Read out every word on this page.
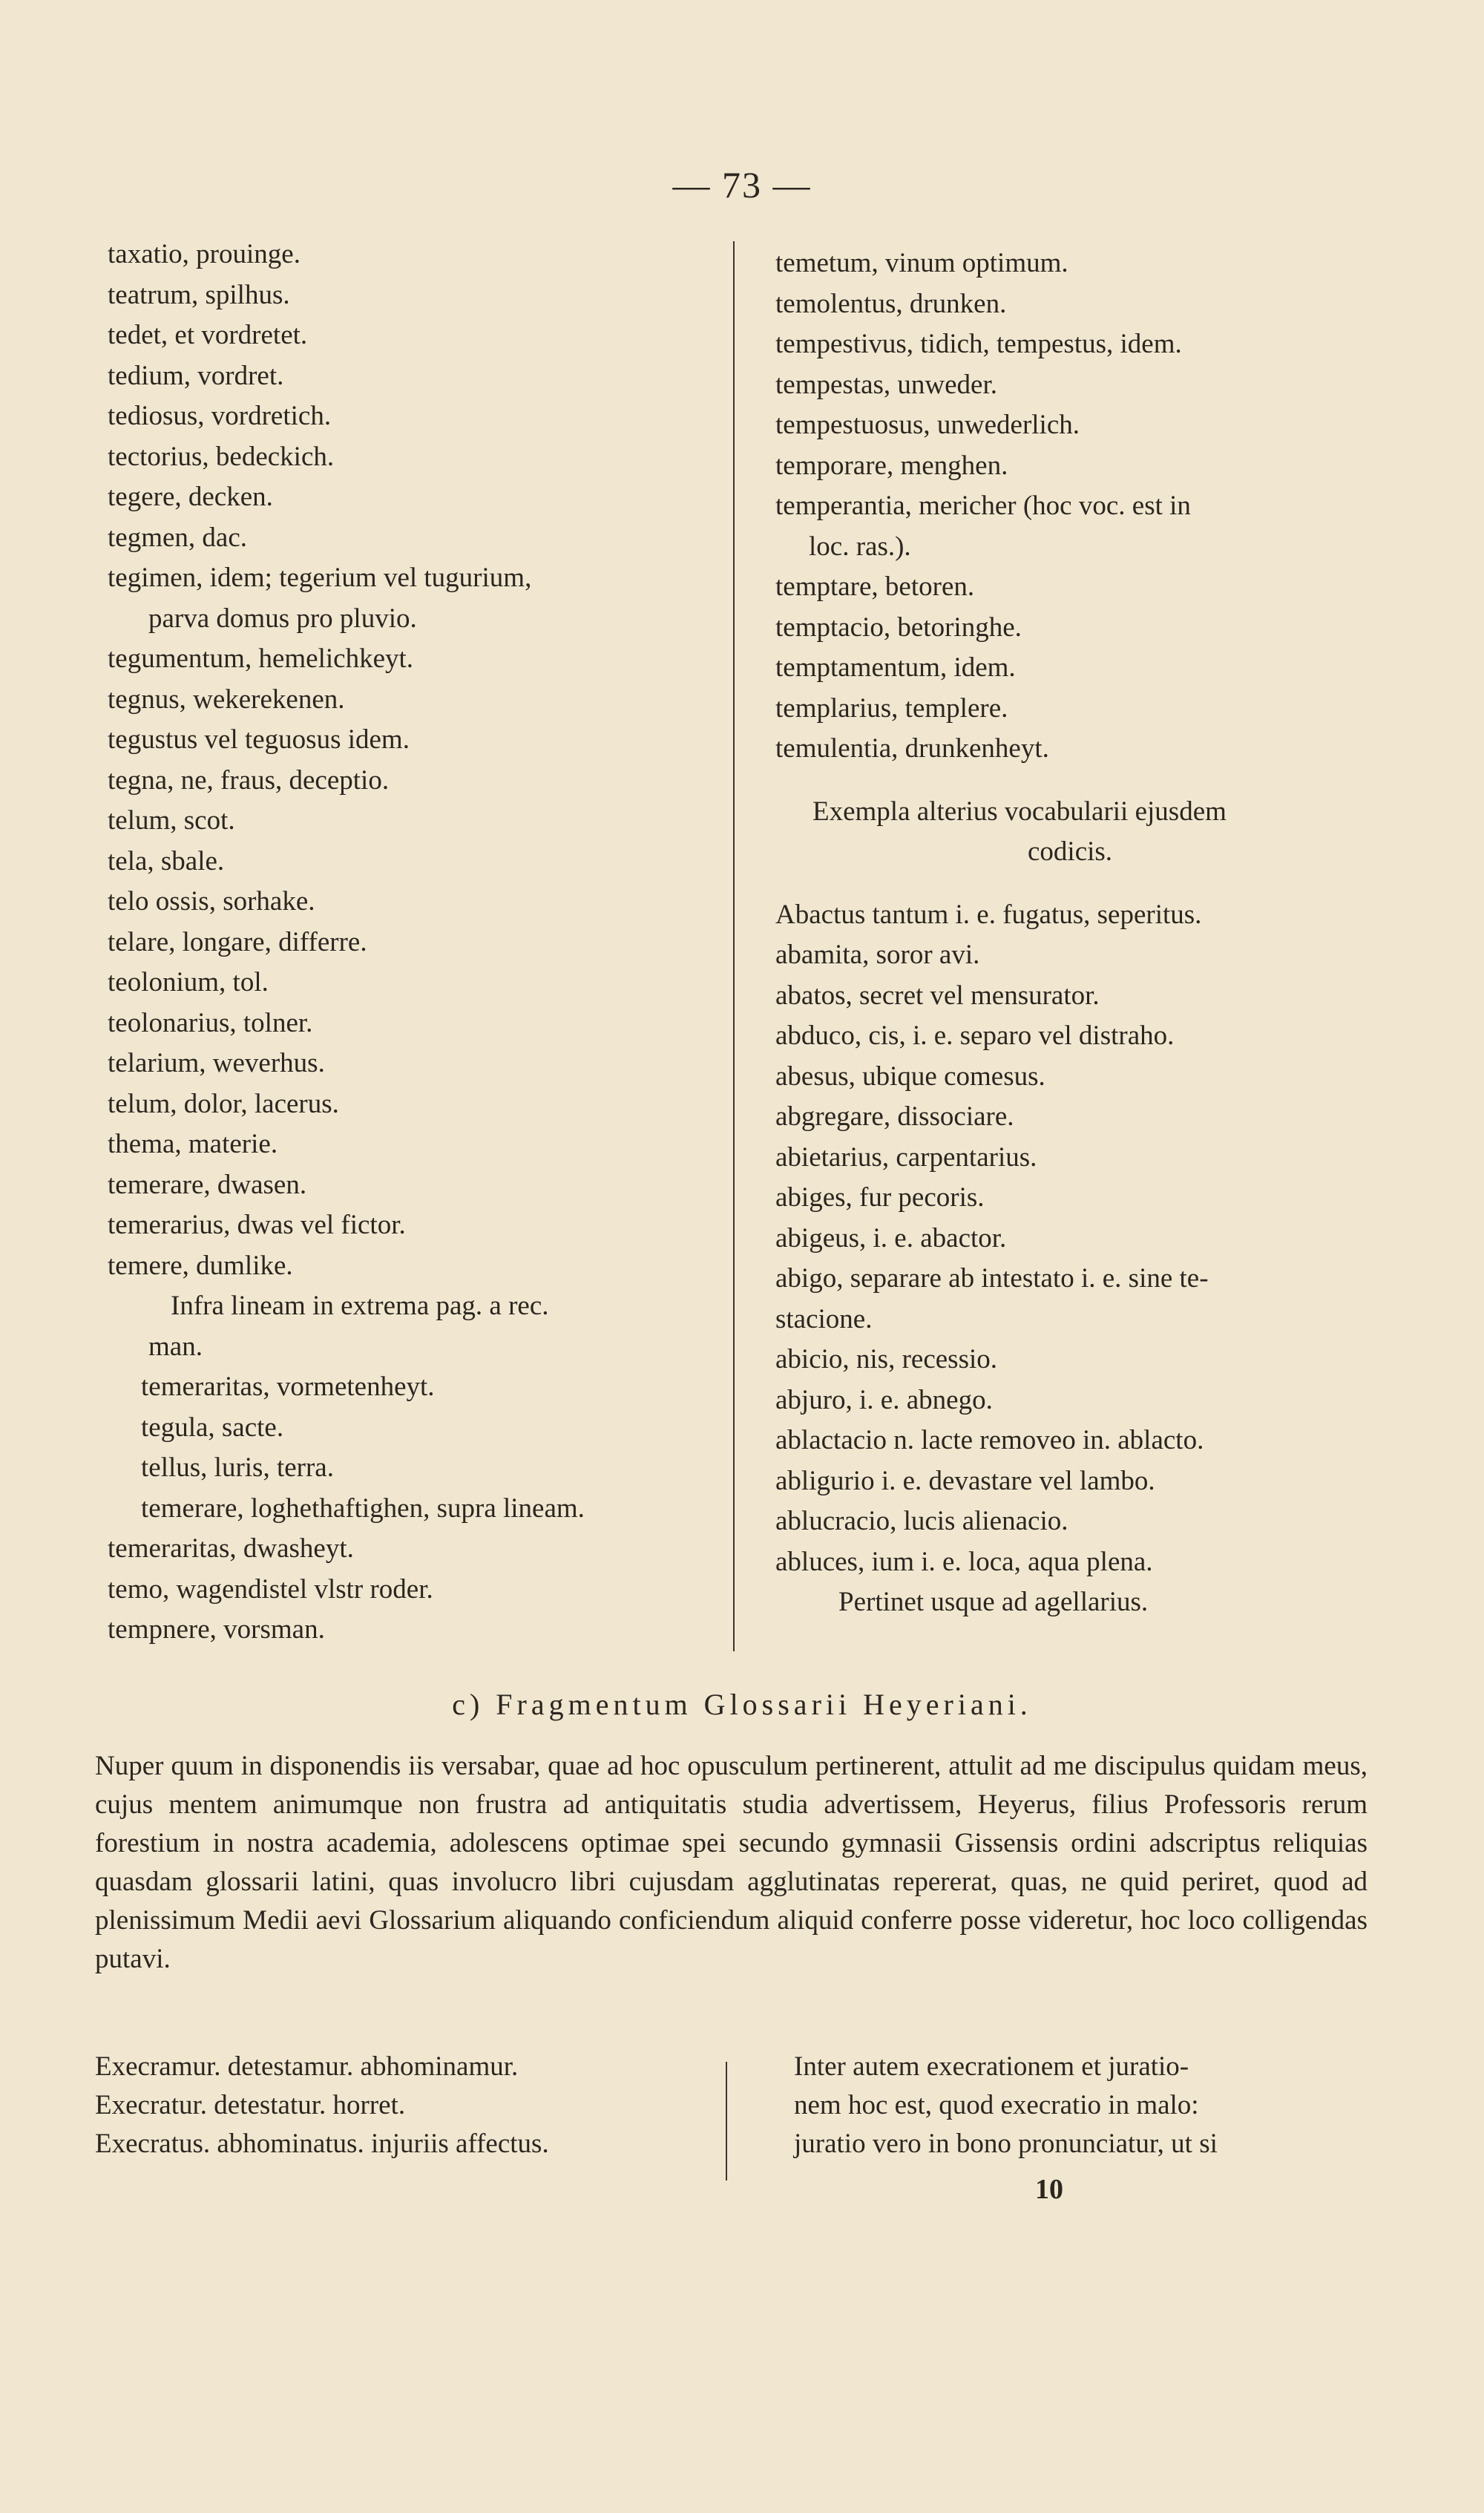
— 73 —
taxatio, prouinge.
teatrum, spilhus.
tedet, et vordretet.
tedium, vordret.
tediosus, vordretich.
tectorius, bedeckich.
tegere, decken.
tegmen, dac.
tegimen, idem; tegerium vel tugurium,
parva domus pro pluvio.
tegumentum, hemelichkeyt.
tegnus, wekerekenen.
tegustus vel teguosus idem.
tegna, ne, fraus, deceptio.
telum, scot.
tela, sbale.
telo ossis, sorhake.
telare, longare, differre.
teolonium, tol.
teolonarius, tolner.
telarium, weverhus.
telum, dolor, lacerus.
thema, materie.
temerare, dwasen.
temerarius, dwas vel fictor.
temere, dumlike.
Infra lineam in extrema pag. a rec.
man.
temeraritas, vormetenheyt.
tegula, sacte.
tellus, luris, terra.
temerare, loghethaftighen, supra lineam.
temeraritas, dwasheyt.
temo, wagendistel vlstr roder.
tempnere, vorsman.
temetum, vinum optimum.
temolentus, drunken.
tempestivus, tidich, tempestus, idem.
tempestas, unweder.
tempestuosus, unwederlich.
temporare, menghen.
temperantia, mericher (hoc voc. est in
loc. ras.).
temptare, betoren.
temptacio, betoringhe.
temptamentum, idem.
templarius, templere.
temulentia, drunkenheyt.
Exempla alterius vocabularii ejusdem
codicis.
Abactus tantum i. e. fugatus, seperitus.
abamita, soror avi.
abatos, secret vel mensurator.
abduco, cis, i. e. separo vel distraho.
abesus, ubique comesus.
abgregare, dissociare.
abietarius, carpentarius.
abiges, fur pecoris.
abigeus, i. e. abactor.
abigo, separare ab intestato i. e. sine te-
stacione.
abicio, nis, recessio.
abjuro, i. e. abnego.
ablactacio n. lacte removeo in. ablacto.
abligurio i. e. devastare vel lambo.
ablucracio, lucis alienacio.
abluces, ium i. e. loca, aqua plena.
Pertinet usque ad agellarius.
c) Fragmentum Glossarii Heyeriani.
Nuper quum in disponendis iis versabar, quae ad hoc opusculum pertinerent, attulit ad me discipulus quidam meus, cujus mentem animumque non frustra ad antiquitatis studia advertissem, Heyerus, filius Professoris rerum forestium in nostra academia, adolescens optimae spei secundo gymnasii Gissensis ordini adscriptus reliquias quasdam glossarii latini, quas involucro libri cujusdam agglutinatas repererat, quas, ne quid periret, quod ad plenissimum Medii aevi Glossarium aliquando conficiendum aliquid conferre posse videretur, hoc loco colligendas putavi.
Execramur. detestamur. abhominamur.
Execratur. detestatur. horret.
Execratus. abhominatus. injuriis affectus.
Inter autem execrationem et juratio-
nem hoc est, quod execratio in malo:
juratio vero in bono pronunciatur, ut si
10
